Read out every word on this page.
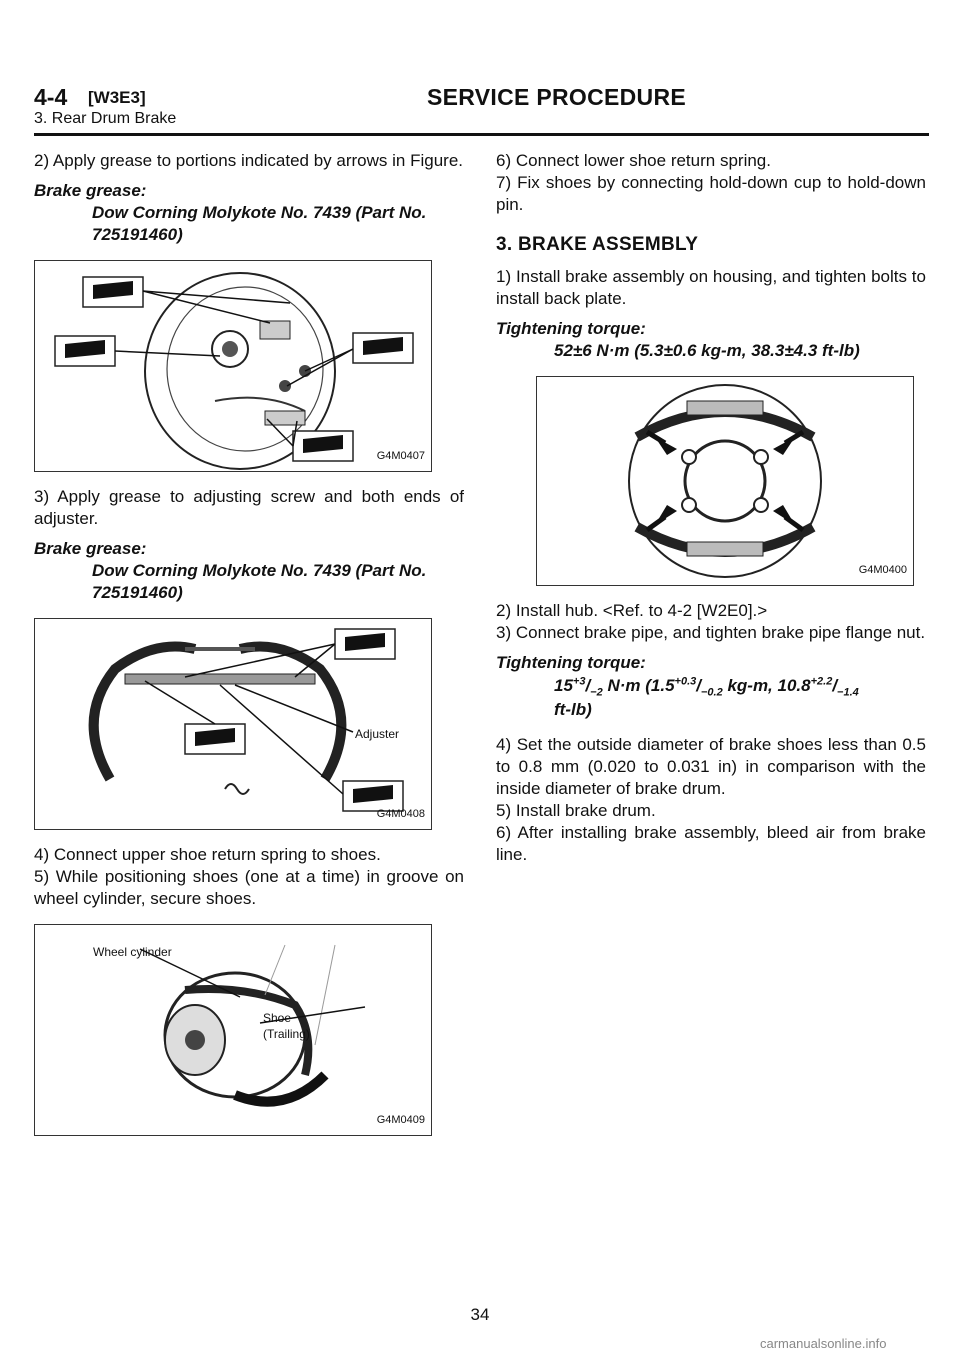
4-4 [W3E3]	SERVICE PROCEDURE
3. Rear Drum Brake

2) Apply grease to portions indicated by arrows in Figure.

Brake grease:
Dow Corning Molykote No. 7439 (Part No. 725191460)
G4M0407

3) Apply grease to adjusting screw and both ends of adjuster.

Brake grease:
Dow Corning Molykote No. 7439 (Part No. 725191460)
Adjuster
G4M0408

4) Connect upper shoe return spring to shoes.

5) While positioning shoes (one at a time) in groove on wheel cylinder, secure shoes.

Wheel cylinder
Shoe
(Trailing)
G4M0409

6) Connect lower shoe return spring.

7) Fix shoes by connecting hold-down cup to hold-down pin.

3. BRAKE ASSEMBLY

1) Install brake assembly on housing, and tighten bolts to install back plate.

Tightening torque:
52±6 N·m (5.3±0.6 kg-m, 38.3±4.3 ft-lb)
G4M0400

2) Install hub. <Ref. to 4-2 [W2E0].>

3) Connect brake pipe, and tighten brake pipe flange nut.

Tightening torque:
$15^{+3}/_{-2}$ N·m ($1.5^{+0.3}/_{-0.2}$ kg-m, $10.8^{+2.2}/_{-1.4}$
ft-lb)

4) Set the outside diameter of brake shoes less than 0.5 to 0.8 mm (0.020 to 0.031 in) in comparison with the inside diameter of brake drum.

5) Install brake drum.

6) After installing brake assembly, bleed air from brake line.

34
carmanualsonline.info
